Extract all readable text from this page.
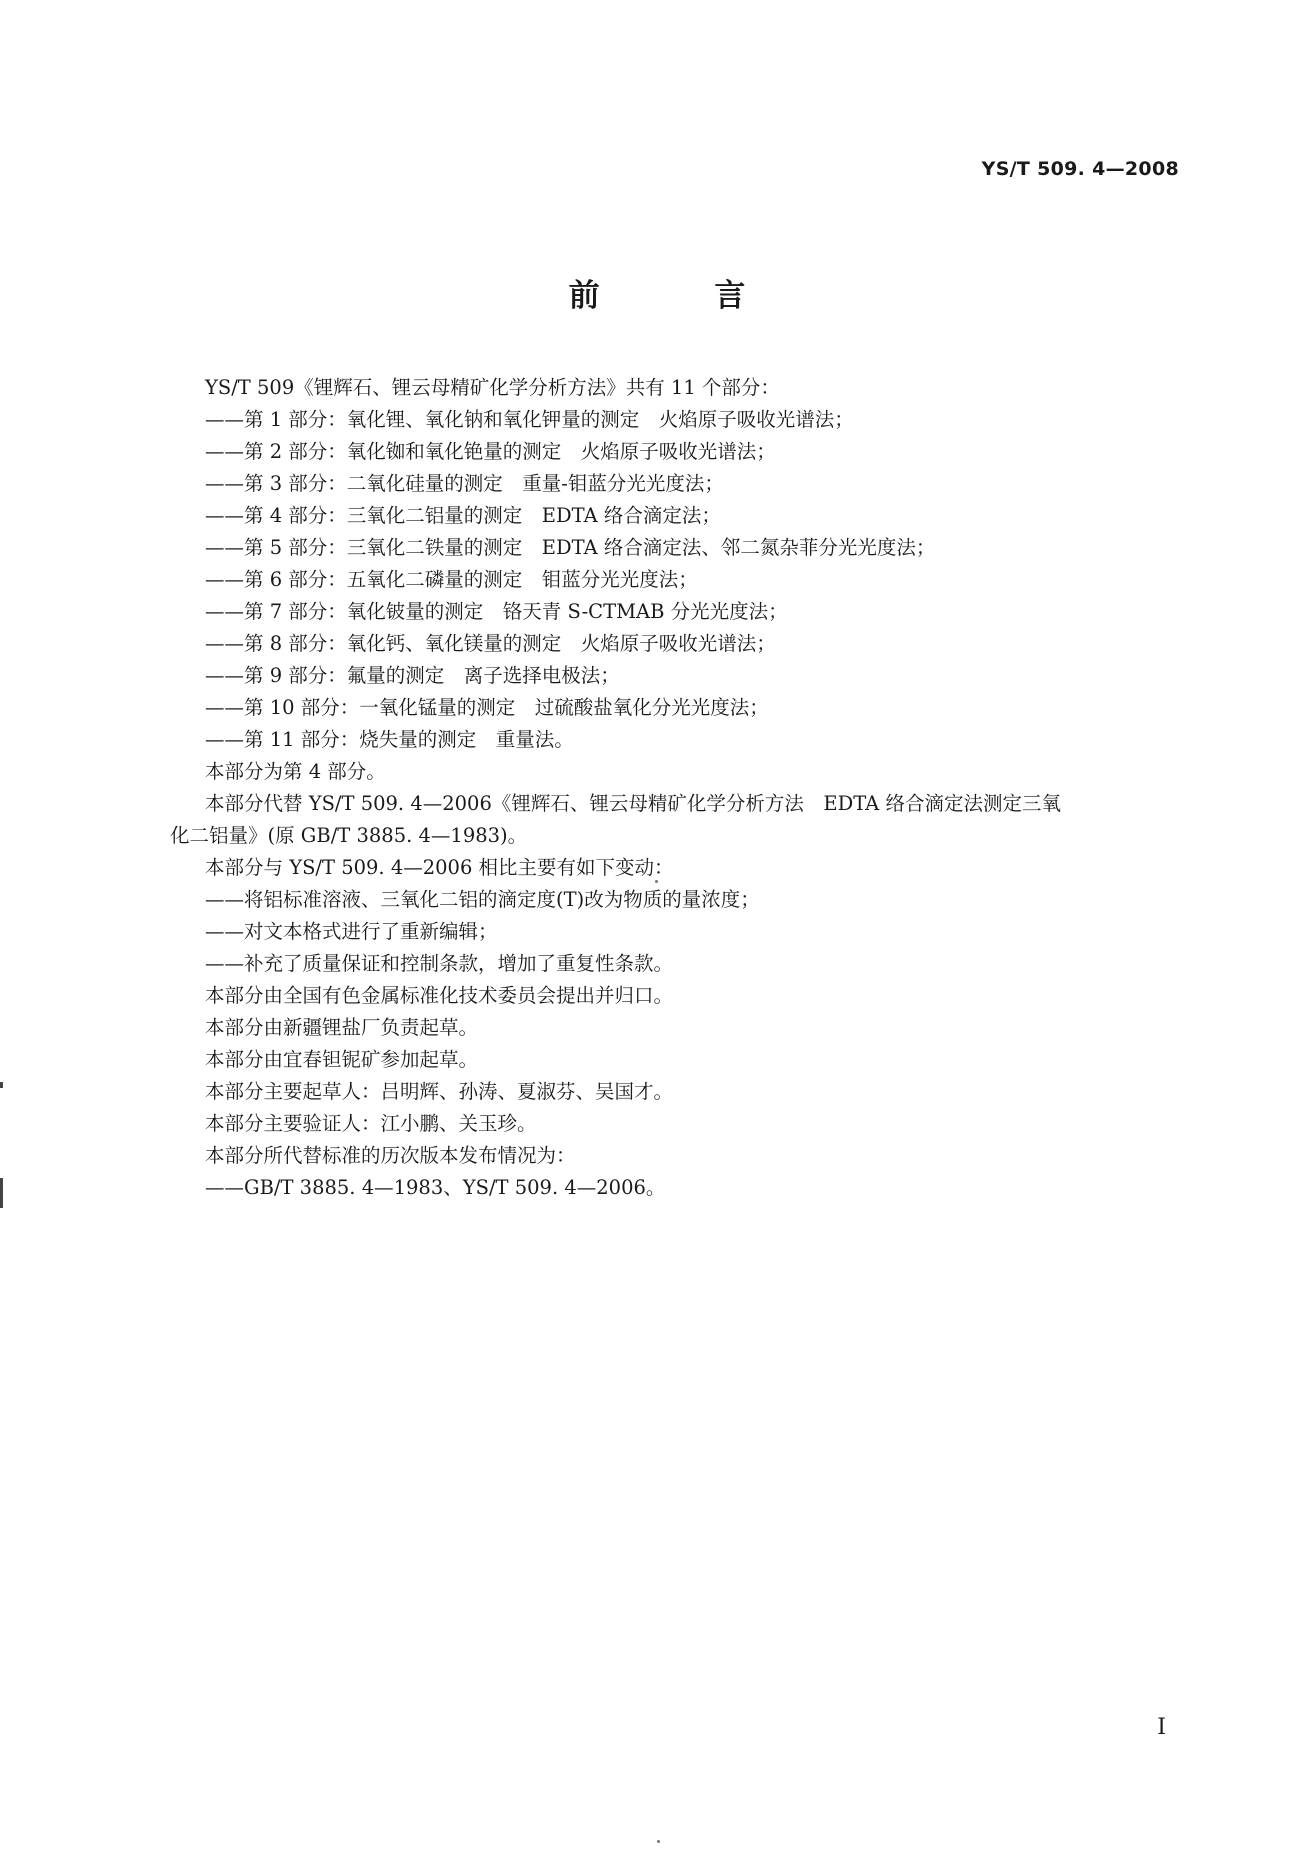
YS/T 509. 4—2008
前 言
YS/T 509《锂辉石、锂云母精矿化学分析方法》共有 11 个部分：
——第 1 部分：氧化锂、氧化钠和氧化钾量的测定　火焰原子吸收光谱法；
——第 2 部分：氧化铷和氧化铯量的测定　火焰原子吸收光谱法；
——第 3 部分：二氧化硅量的测定　重量-钼蓝分光光度法；
——第 4 部分：三氧化二铝量的测定　EDTA 络合滴定法；
——第 5 部分：三氧化二铁量的测定　EDTA 络合滴定法、邻二氮杂菲分光光度法；
——第 6 部分：五氧化二磷量的测定　钼蓝分光光度法；
——第 7 部分：氧化铍量的测定　铬天青 S-CTMAB 分光光度法；
——第 8 部分：氧化钙、氧化镁量的测定　火焰原子吸收光谱法；
——第 9 部分：氟量的测定　离子选择电极法；
——第 10 部分：一氧化锰量的测定　过硫酸盐氧化分光光度法；
——第 11 部分：烧失量的测定　重量法。
本部分为第 4 部分。
本部分代替 YS/T 509. 4—2006《锂辉石、锂云母精矿化学分析方法　EDTA 络合滴定法测定三氧
化二铝量》(原 GB/T 3885. 4—1983)。
本部分与 YS/T 509. 4—2006 相比主要有如下变动：
——将铝标准溶液、三氧化二铝的滴定度(T)改为物质的量浓度；
——对文本格式进行了重新编辑；
——补充了质量保证和控制条款，增加了重复性条款。
本部分由全国有色金属标准化技术委员会提出并归口。
本部分由新疆锂盐厂负责起草。
本部分由宜春钽铌矿参加起草。
本部分主要起草人：吕明辉、孙涛、夏淑芬、吴国才。
本部分主要验证人：江小鹏、关玉珍。
本部分所代替标准的历次版本发布情况为：
——GB/T 3885. 4—1983、YS/T 509. 4—2006。
I
